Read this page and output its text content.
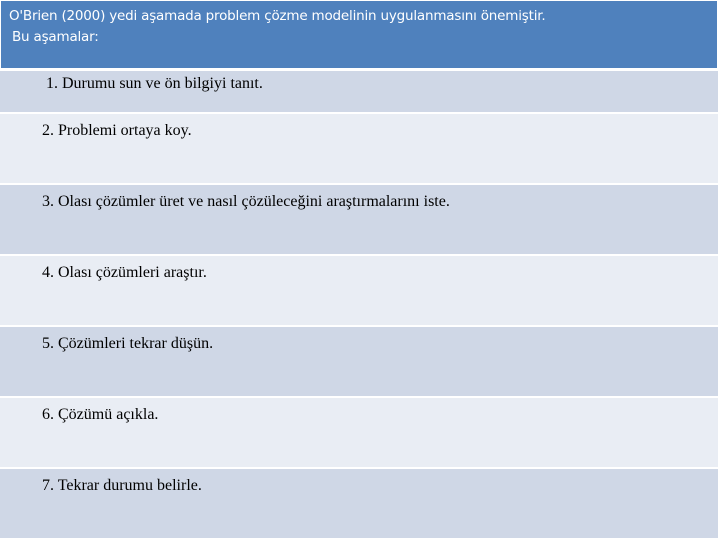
O'Brien (2000) yedi aşamada problem çözme modelinin uygulanmasını önemiştir.
Bu aşamalar:
1. Durumu sun ve ön bilgiyi tanıt.
2. Problemi ortaya koy.
3. Olası çözümler üret ve nasıl çözüleceğini araştırmalarını iste.
4. Olası çözümleri araştır.
5. Çözümleri tekrar düşün.
6. Çözümü açıkla.
7. Tekrar durumu belirle.
